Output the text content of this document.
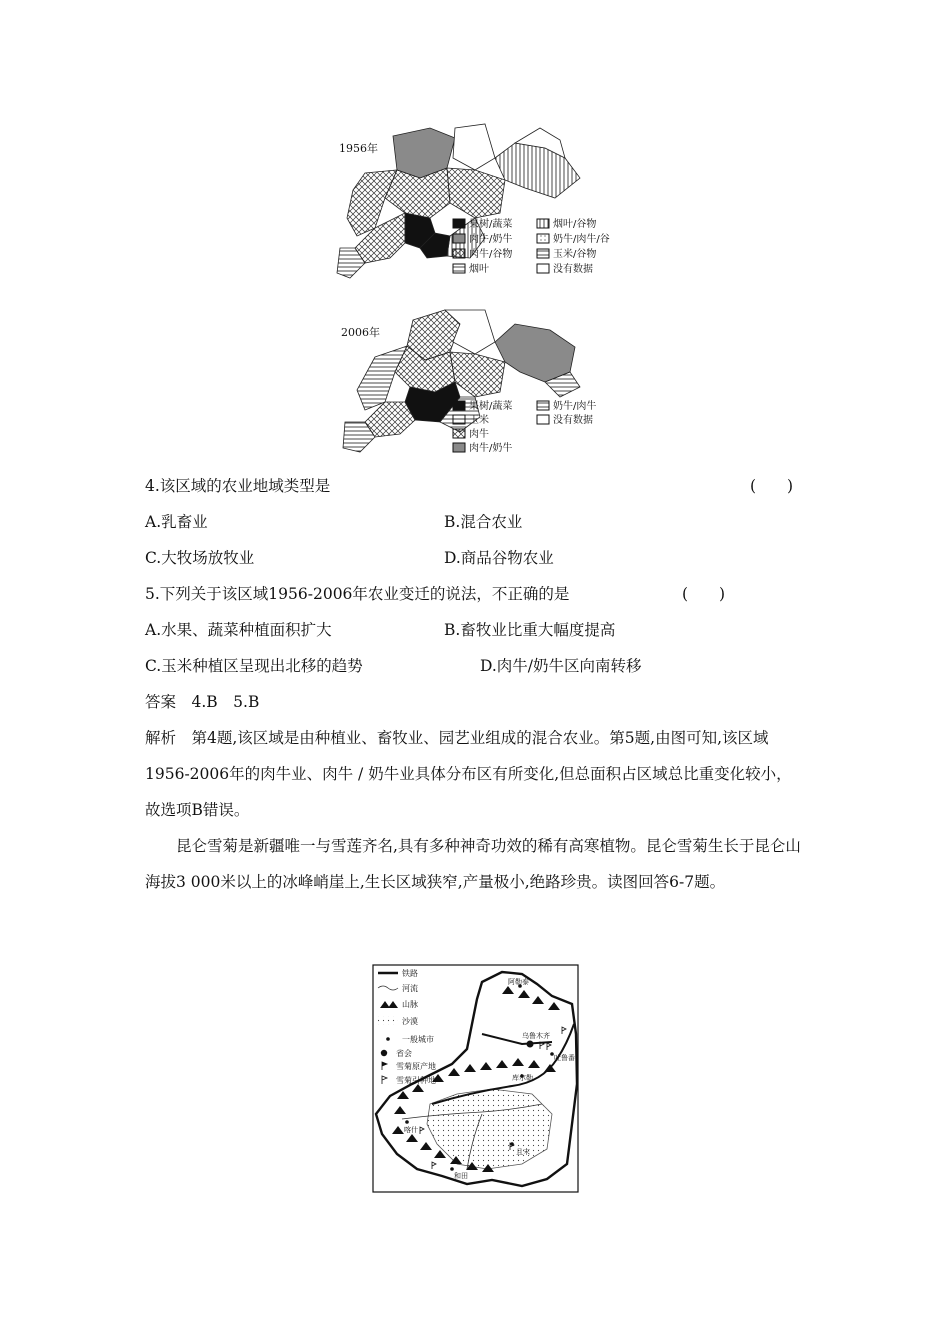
1956年
果树/蔬菜
肉牛/奶牛
肉牛/谷物
烟叶
烟叶/谷物
奶牛/肉牛/谷
玉米/谷物
没有数据
2006年
果树/蔬菜
玉米
肉牛
肉牛/奶牛
奶牛/肉牛
没有数据
4.该区域的农业地域类型是	(　　)
A.乳畜业	B.混合农业
C.大牧场放牧业	D.商品谷物农业
5.下列关于该区域1956-2006年农业变迁的说法，不正确的是	(　　)
A.水果、蔬菜种植面积扩大	B.畜牧业比重大幅度提高
C.玉米种植区呈现出北移的趋势	D.肉牛/奶牛区向南转移
答案　4.B　5.B
解析　第4题,该区域是由种植业、畜牧业、园艺业组成的混合农业。第5题,由图可知,该区域1956-2006年的肉牛业、肉牛 / 奶牛业具体分布区有所变化,但总面积占区域总比重变化较小，故选项B错误。
昆仑雪菊是新疆唯一与雪莲齐名,具有多种神奇功效的稀有高寒植物。昆仑雪菊生长于昆仑山海拔3 000米以上的冰峰峭崖上,生长区域狭窄,产量极小,绝路珍贵。读图回答6-7题。
阿勒泰
乌鲁木齐
吐鲁番
库尔勒
喀什
且末
和田
铁路
河流
山脉
沙漠
一般城市
省会
雪菊原产地
雪菊引种地
